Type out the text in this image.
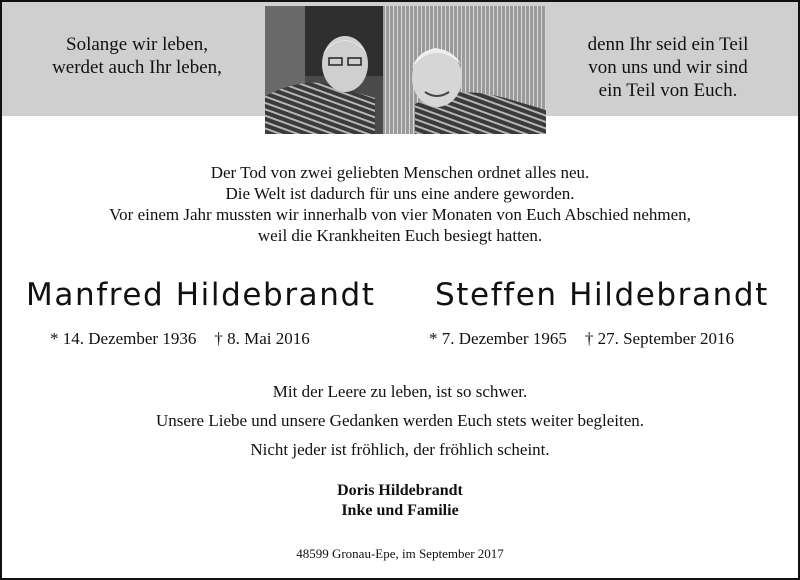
Solange wir leben,
werdet auch Ihr leben,
denn Ihr seid ein Teil
von uns und wir sind
ein Teil von Euch.
Der Tod von zwei geliebten Menschen ordnet alles neu.
Die Welt ist dadurch für uns eine andere geworden.
Vor einem Jahr mussten wir innerhalb von vier Monaten von Euch Abschied nehmen,
weil die Krankheiten Euch besiegt hatten.
Manfred Hildebrandt Steffen Hildebrandt
* 14. Dezember 1936 † 8. Mai 2016	* 7. Dezember 1965 † 27. September 2016
Mit der Leere zu leben, ist so schwer.
Unsere Liebe und unsere Gedanken werden Euch stets weiter begleiten.
Nicht jeder ist fröhlich, der fröhlich scheint.
Doris Hildebrandt
Inke und Familie
48599 Gronau-Epe, im September 2017
